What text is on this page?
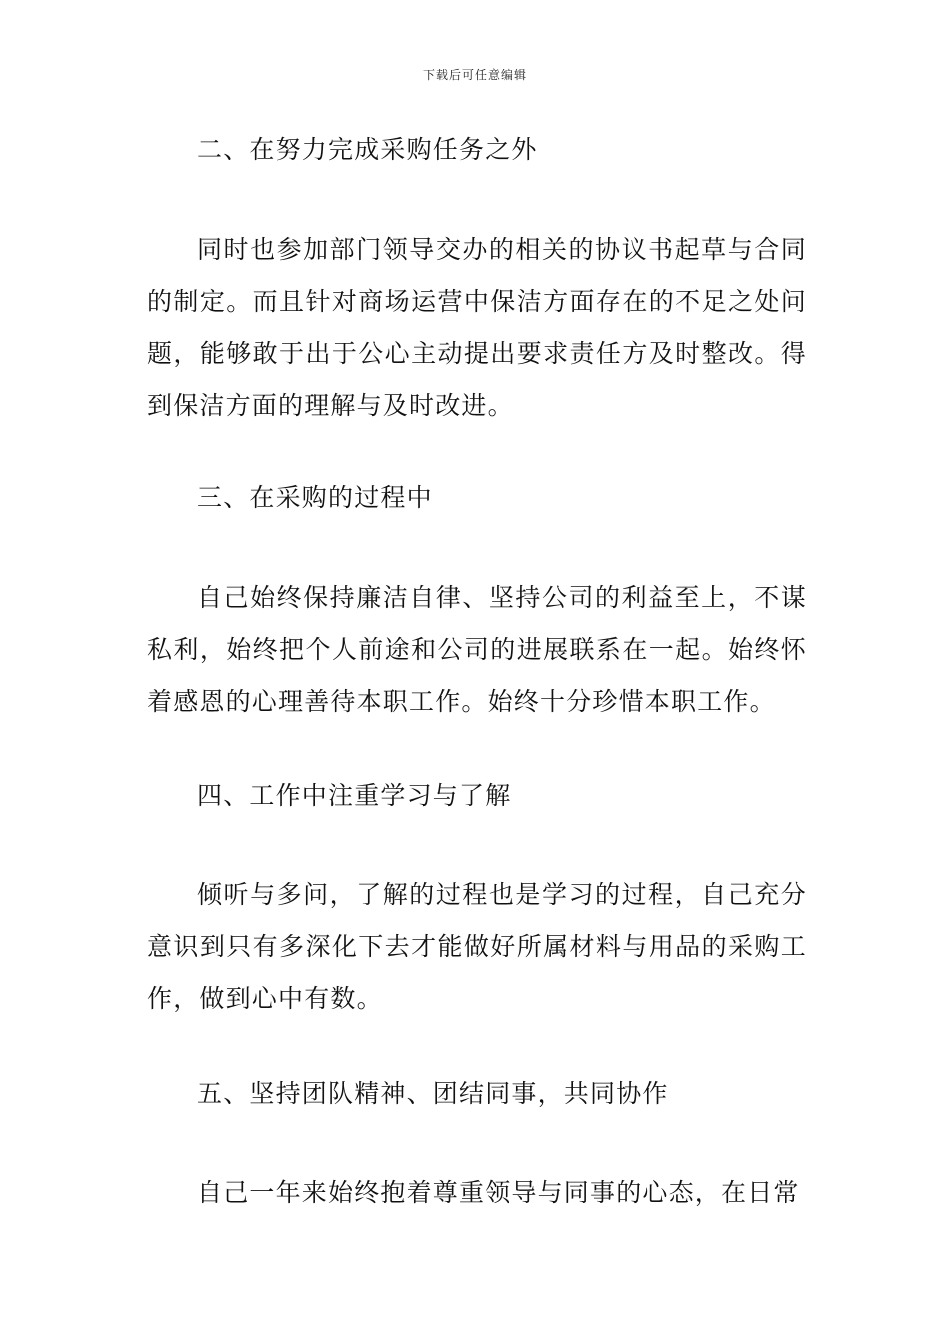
下载后可任意编辑

二、在努力完成采购任务之外

同时也参加部门领导交办的相关的协议书起草与合同的制定。而且针对商场运营中保洁方面存在的不足之处问题，能够敢于出于公心主动提出要求责任方及时整改。得到保洁方面的理解与及时改进。

三、在采购的过程中

自己始终保持廉洁自律、坚持公司的利益至上，不谋私利，始终把个人前途和公司的进展联系在一起。始终怀着感恩的心理善待本职工作。始终十分珍惜本职工作。

四、工作中注重学习与了解

倾听与多问，了解的过程也是学习的过程，自己充分意识到只有多深化下去才能做好所属材料与用品的采购工作，做到心中有数。

五、坚持团队精神、团结同事，共同协作

自己一年来始终抱着尊重领导与同事的心态，在日常
